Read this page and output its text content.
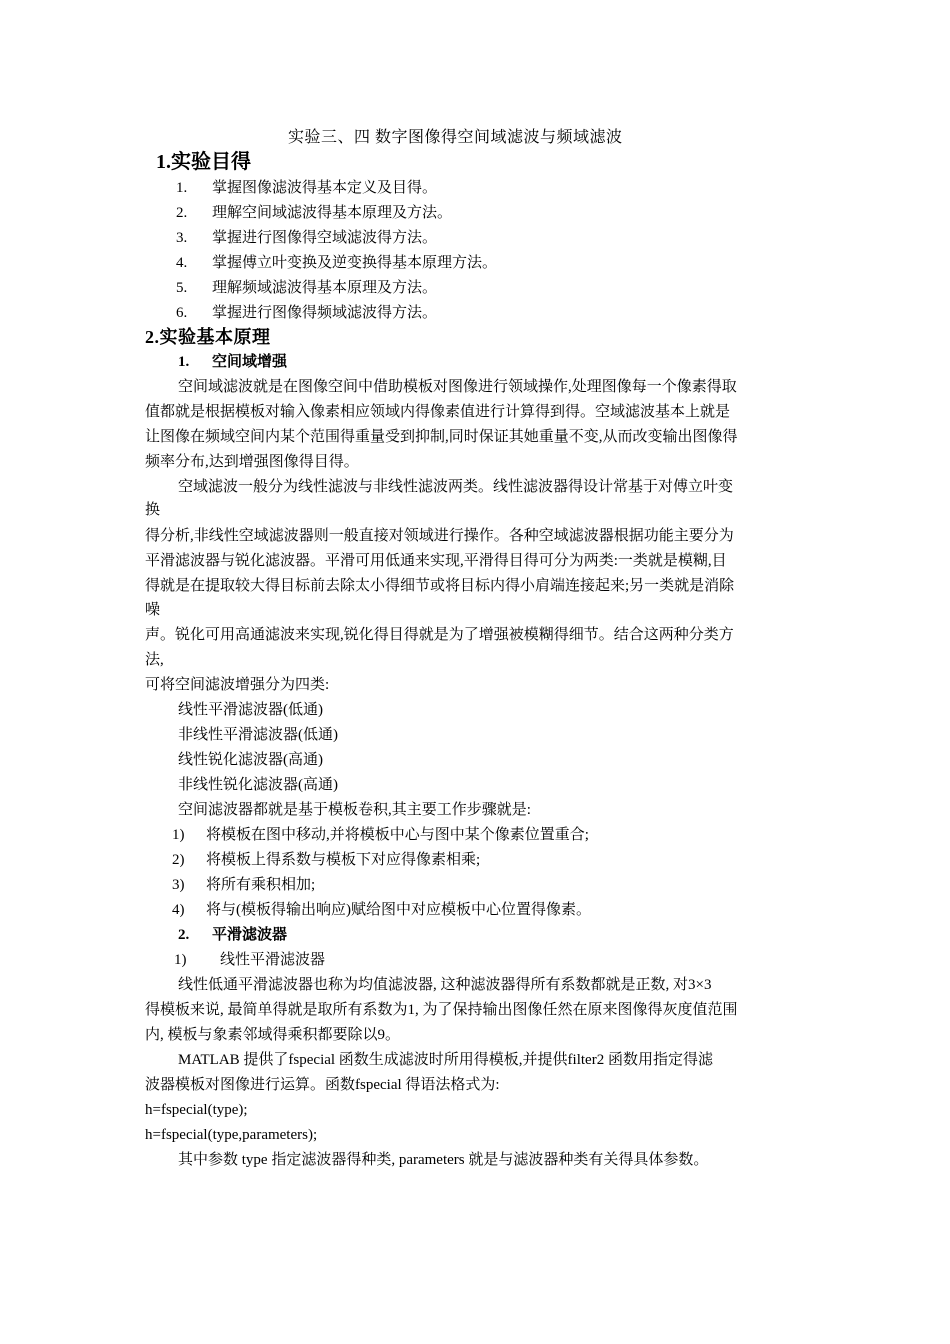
实验三、四 数字图像得空间域滤波与频域滤波
1.实验目得
1. 掌握图像滤波得基本定义及目得。
2. 理解空间域滤波得基本原理及方法。
3. 掌握进行图像得空域滤波得方法。
4. 掌握傅立叶变换及逆变换得基本原理方法。
5. 理解频域滤波得基本原理及方法。
6. 掌握进行图像得频域滤波得方法。
2.实验基本原理
1. 空间域增强
空间域滤波就是在图像空间中借助模板对图像进行领域操作,处理图像每一个像素得取
值都就是根据模板对输入像素相应领域内得像素值进行计算得到得。空域滤波基本上就是
让图像在频域空间内某个范围得重量受到抑制,同时保证其她重量不变,从而改变输出图像得
频率分布,达到增强图像得目得。
空域滤波一般分为线性滤波与非线性滤波两类。线性滤波器得设计常基于对傅立叶变
换
得分析,非线性空域滤波器则一般直接对领域进行操作。各种空域滤波器根据功能主要分为
平滑滤波器与锐化滤波器。平滑可用低通来实现,平滑得目得可分为两类:一类就是模糊,目
得就是在提取较大得目标前去除太小得细节或将目标内得小肩端连接起来;另一类就是消除
噪
声。锐化可用高通滤波来实现,锐化得目得就是为了增强被模糊得细节。结合这两种分类方
法,
可将空间滤波增强分为四类:
线性平滑滤波器(低通)
非线性平滑滤波器(低通)
线性锐化滤波器(高通)
非线性锐化滤波器(高通)
空间滤波器都就是基于模板卷积,其主要工作步骤就是:
1) 将模板在图中移动,并将模板中心与图中某个像素位置重合;
2) 将模板上得系数与模板下对应得像素相乘;
3) 将所有乘积相加;
4) 将与(模板得输出响应)赋给图中对应模板中心位置得像素。
2. 平滑滤波器
1) 线性平滑滤波器
线性低通平滑滤波器也称为均值滤波器, 这种滤波器得所有系数都就是正数, 对3×3
得模板来说, 最简单得就是取所有系数为1, 为了保持输出图像任然在原来图像得灰度值范围
内, 模板与象素邻域得乘积都要除以9。
MATLAB 提供了fspecial 函数生成滤波时所用得模板,并提供filter2 函数用指定得滤
波器模板对图像进行运算。函数fspecial 得语法格式为:
h=fspecial(type);
h=fspecial(type,parameters);
其中参数 type 指定滤波器得种类, parameters 就是与滤波器种类有关得具体参数。
